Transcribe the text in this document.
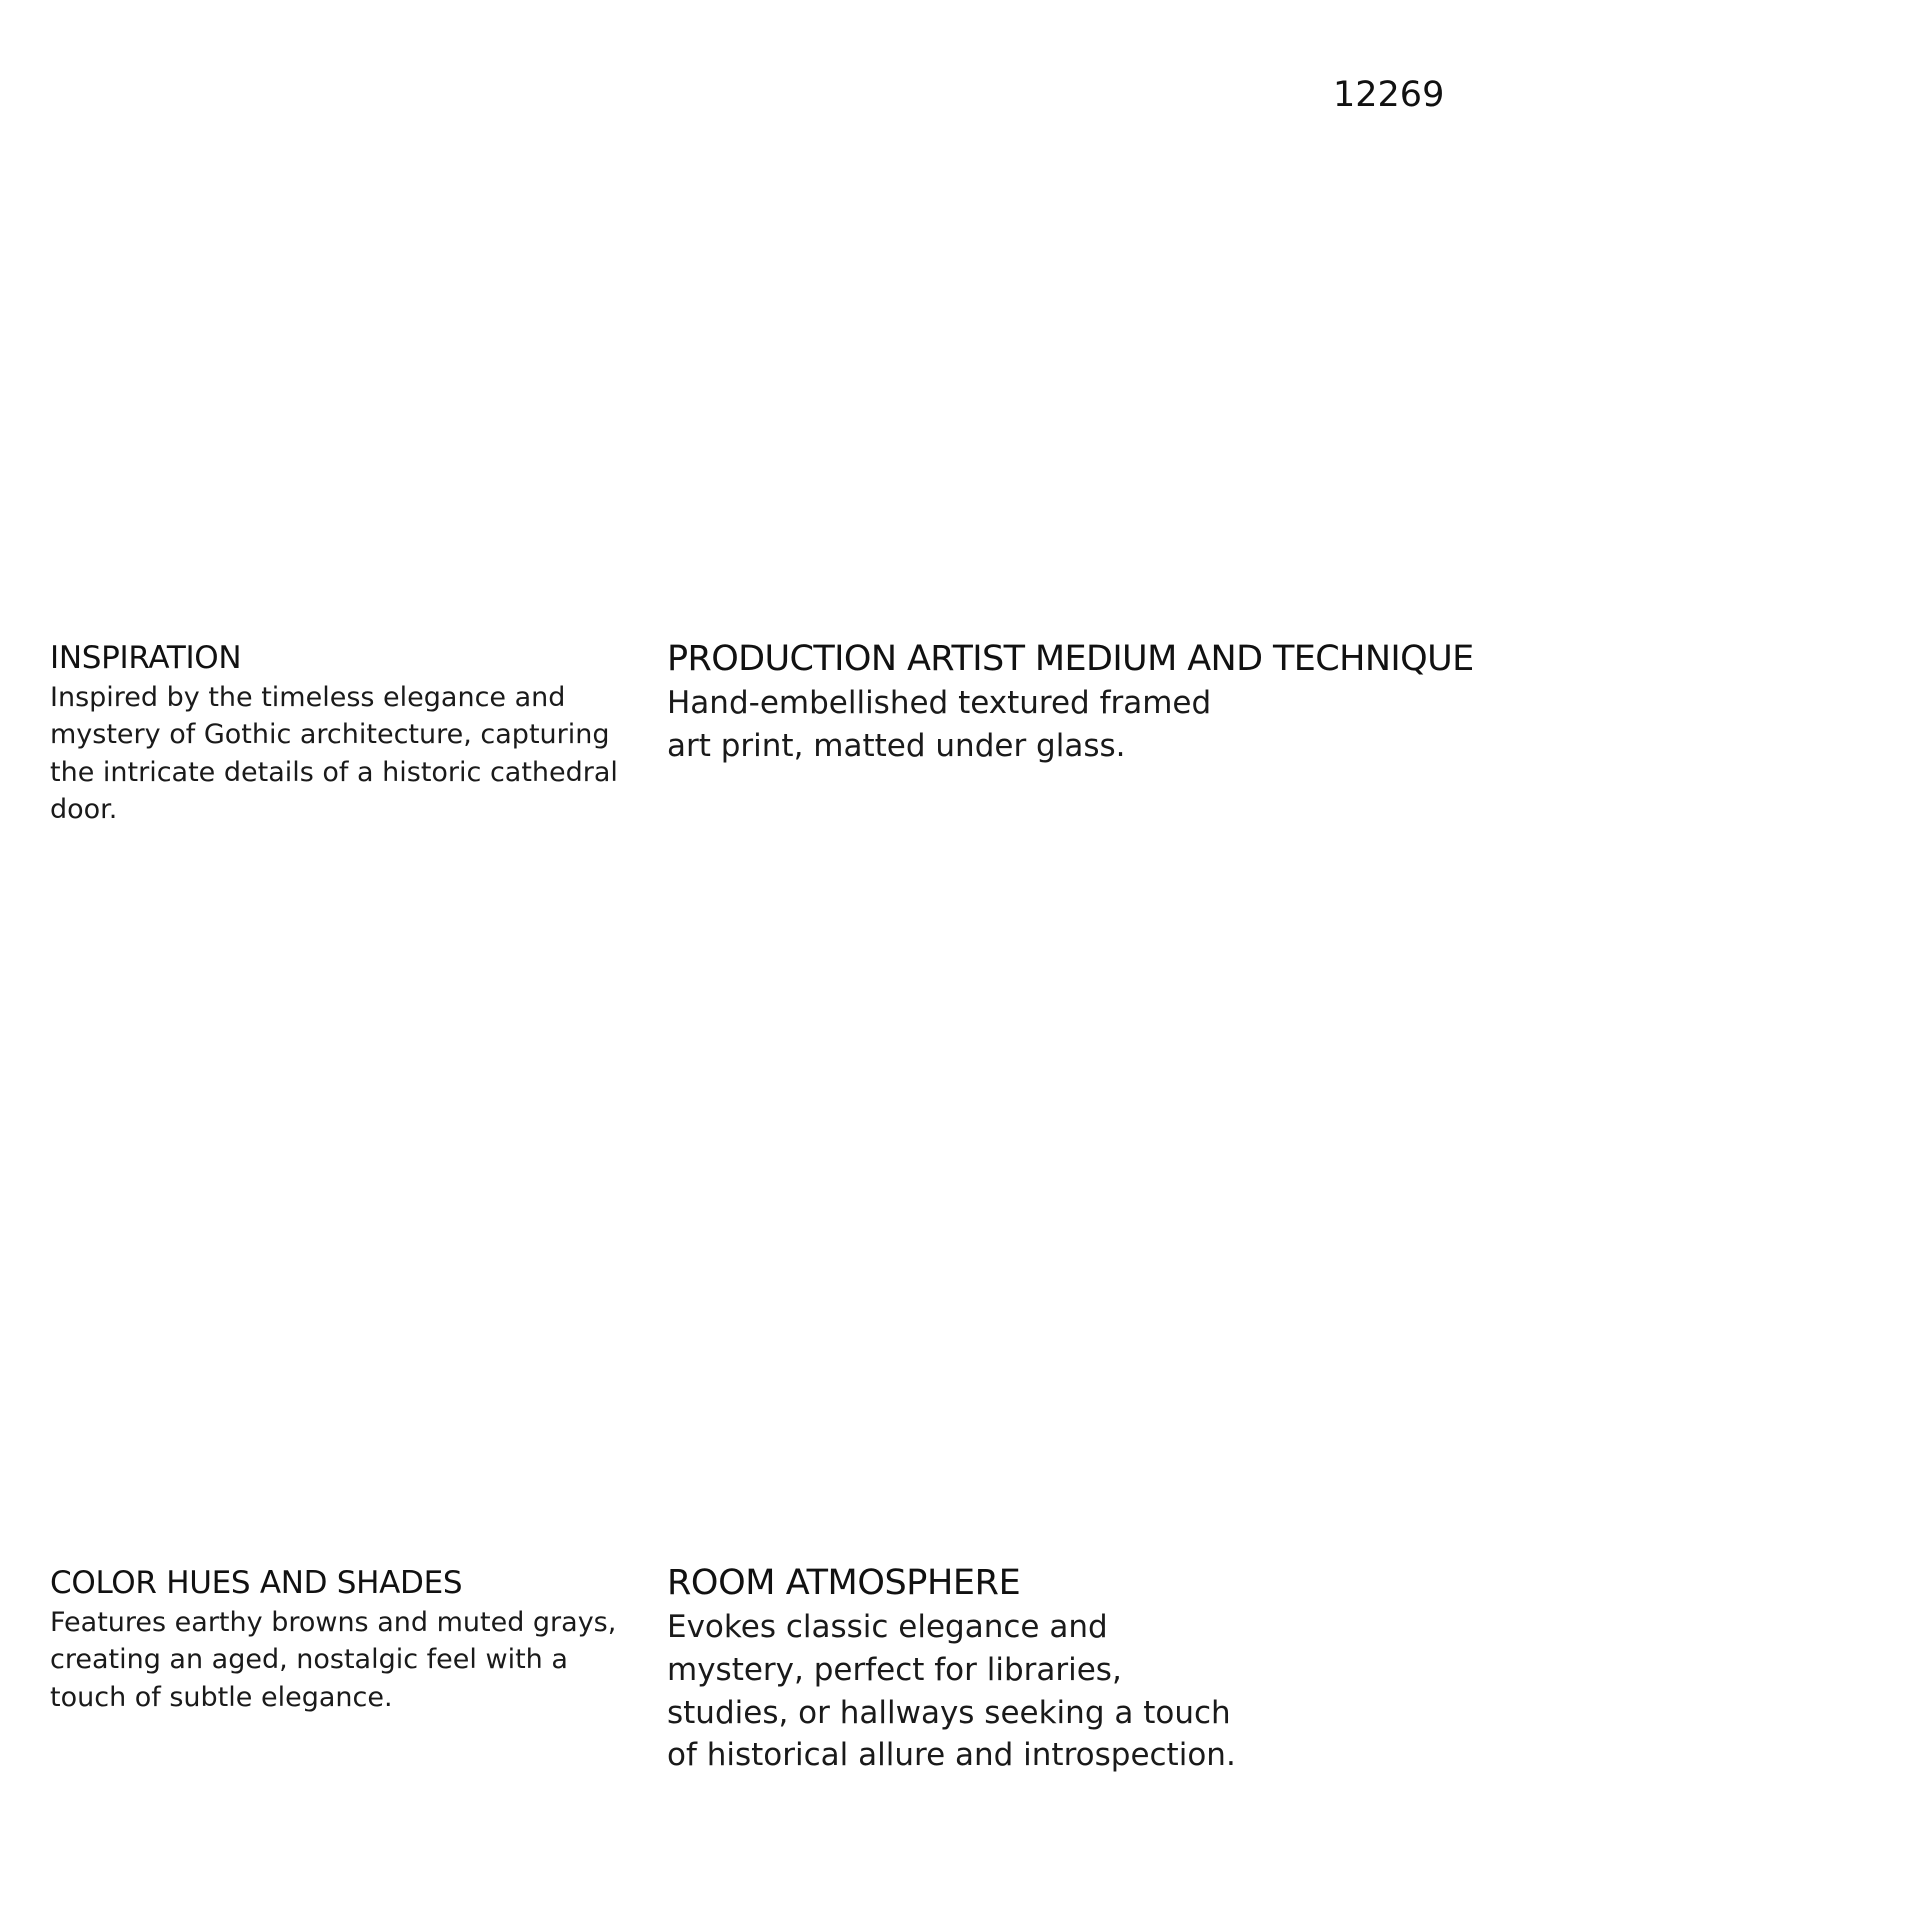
12269
INSPIRATION

Inspired by the timeless elegance and mystery of Gothic architecture, capturing the intricate details of a historic cathedral door.

PRODUCTION ARTIST MEDIUM AND TECHNIQUE

Hand-embellished textured framed art print, matted under glass.

COLOR HUES AND SHADES

Features earthy browns and muted grays, creating an aged, nostalgic feel with a touch of subtle elegance.

ROOM ATMOSPHERE

Evokes classic elegance and mystery, perfect for libraries, studies, or hallways seeking a touch of historical allure and introspection.
